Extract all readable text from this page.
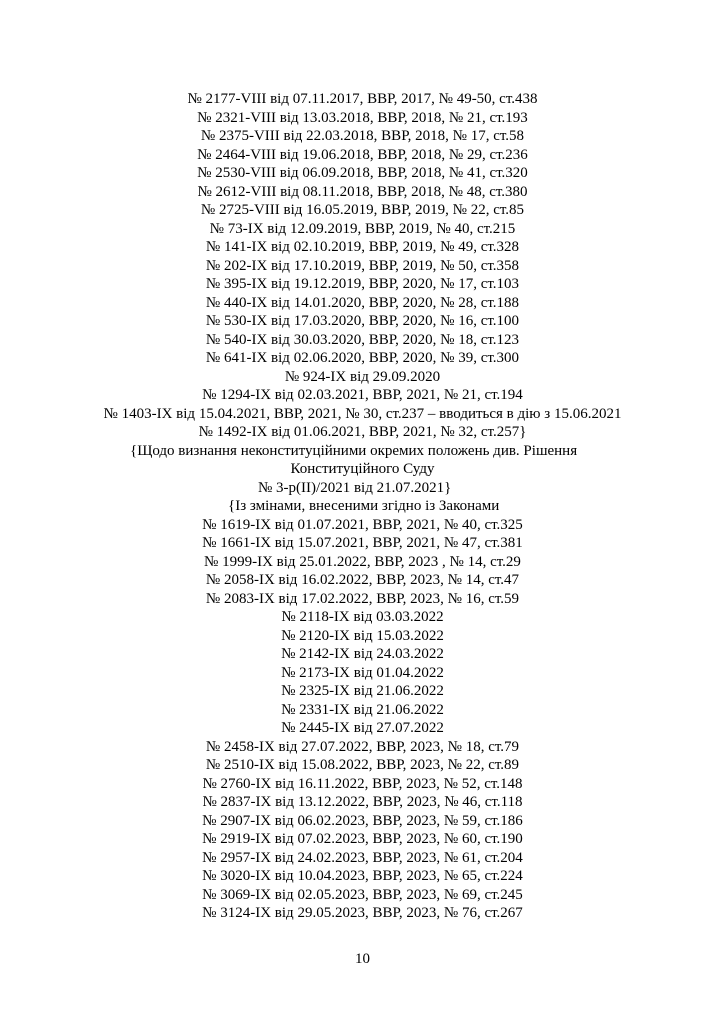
№ 2177-VIII від 07.11.2017, ВВР, 2017, № 49-50, ст.438
№ 2321-VIII від 13.03.2018, ВВР, 2018, № 21, ст.193
№ 2375-VIII від 22.03.2018, ВВР, 2018, № 17, ст.58
№ 2464-VIII від 19.06.2018, ВВР, 2018, № 29, ст.236
№ 2530-VIII від 06.09.2018, ВВР, 2018, № 41, ст.320
№ 2612-VIII від 08.11.2018, ВВР, 2018, № 48, ст.380
№ 2725-VIII від 16.05.2019, ВВР, 2019, № 22, ст.85
№ 73-IX від 12.09.2019, ВВР, 2019, № 40, ст.215
№ 141-IX від 02.10.2019, ВВР, 2019, № 49, ст.328
№ 202-IX від 17.10.2019, ВВР, 2019, № 50, ст.358
№ 395-IX від 19.12.2019, ВВР, 2020, № 17, ст.103
№ 440-IX від 14.01.2020, ВВР, 2020, № 28, ст.188
№ 530-IX від 17.03.2020, ВВР, 2020, № 16, ст.100
№ 540-IX від 30.03.2020, ВВР, 2020, № 18, ст.123
№ 641-IX від 02.06.2020, ВВР, 2020, № 39, ст.300
№ 924-IX від 29.09.2020
№ 1294-IX від 02.03.2021, ВВР, 2021, № 21, ст.194
№ 1403-IX від 15.04.2021, ВВР, 2021, № 30, ст.237 – вводиться в дію з 15.06.2021
№ 1492-IX від 01.06.2021, ВВР, 2021, № 32, ст.257}
{Щодо визнання неконституційними окремих положень див. Рішення
Конституційного Суду
№ 3-р(II)/2021 від 21.07.2021}
{Із змінами, внесеними згідно із Законами
№ 1619-IX від 01.07.2021, ВВР, 2021, № 40, ст.325
№ 1661-IX від 15.07.2021, ВВР, 2021, № 47, ст.381
№ 1999-IX від 25.01.2022, ВВР, 2023 , № 14, ст.29
№ 2058-IX від 16.02.2022, ВВР, 2023, № 14, ст.47
№ 2083-IX від 17.02.2022, ВВР, 2023, № 16, ст.59
№ 2118-IX від 03.03.2022
№ 2120-IX від 15.03.2022
№ 2142-IX від 24.03.2022
№ 2173-IX від 01.04.2022
№ 2325-IX від 21.06.2022
№ 2331-IX від 21.06.2022
№ 2445-IX від 27.07.2022
№ 2458-IX від 27.07.2022, ВВР, 2023, № 18, ст.79
№ 2510-IX від 15.08.2022, ВВР, 2023, № 22, ст.89
№ 2760-IX від 16.11.2022, ВВР, 2023, № 52, ст.148
№ 2837-IX від 13.12.2022, ВВР, 2023, № 46, ст.118
№ 2907-IX від 06.02.2023, ВВР, 2023, № 59, ст.186
№ 2919-IX від 07.02.2023, ВВР, 2023, № 60, ст.190
№ 2957-IX від 24.02.2023, ВВР, 2023, № 61, ст.204
№ 3020-IX від 10.04.2023, ВВР, 2023, № 65, ст.224
№ 3069-IX від 02.05.2023, ВВР, 2023, № 69, ст.245
№ 3124-IX від 29.05.2023, ВВР, 2023, № 76, ст.267
10
